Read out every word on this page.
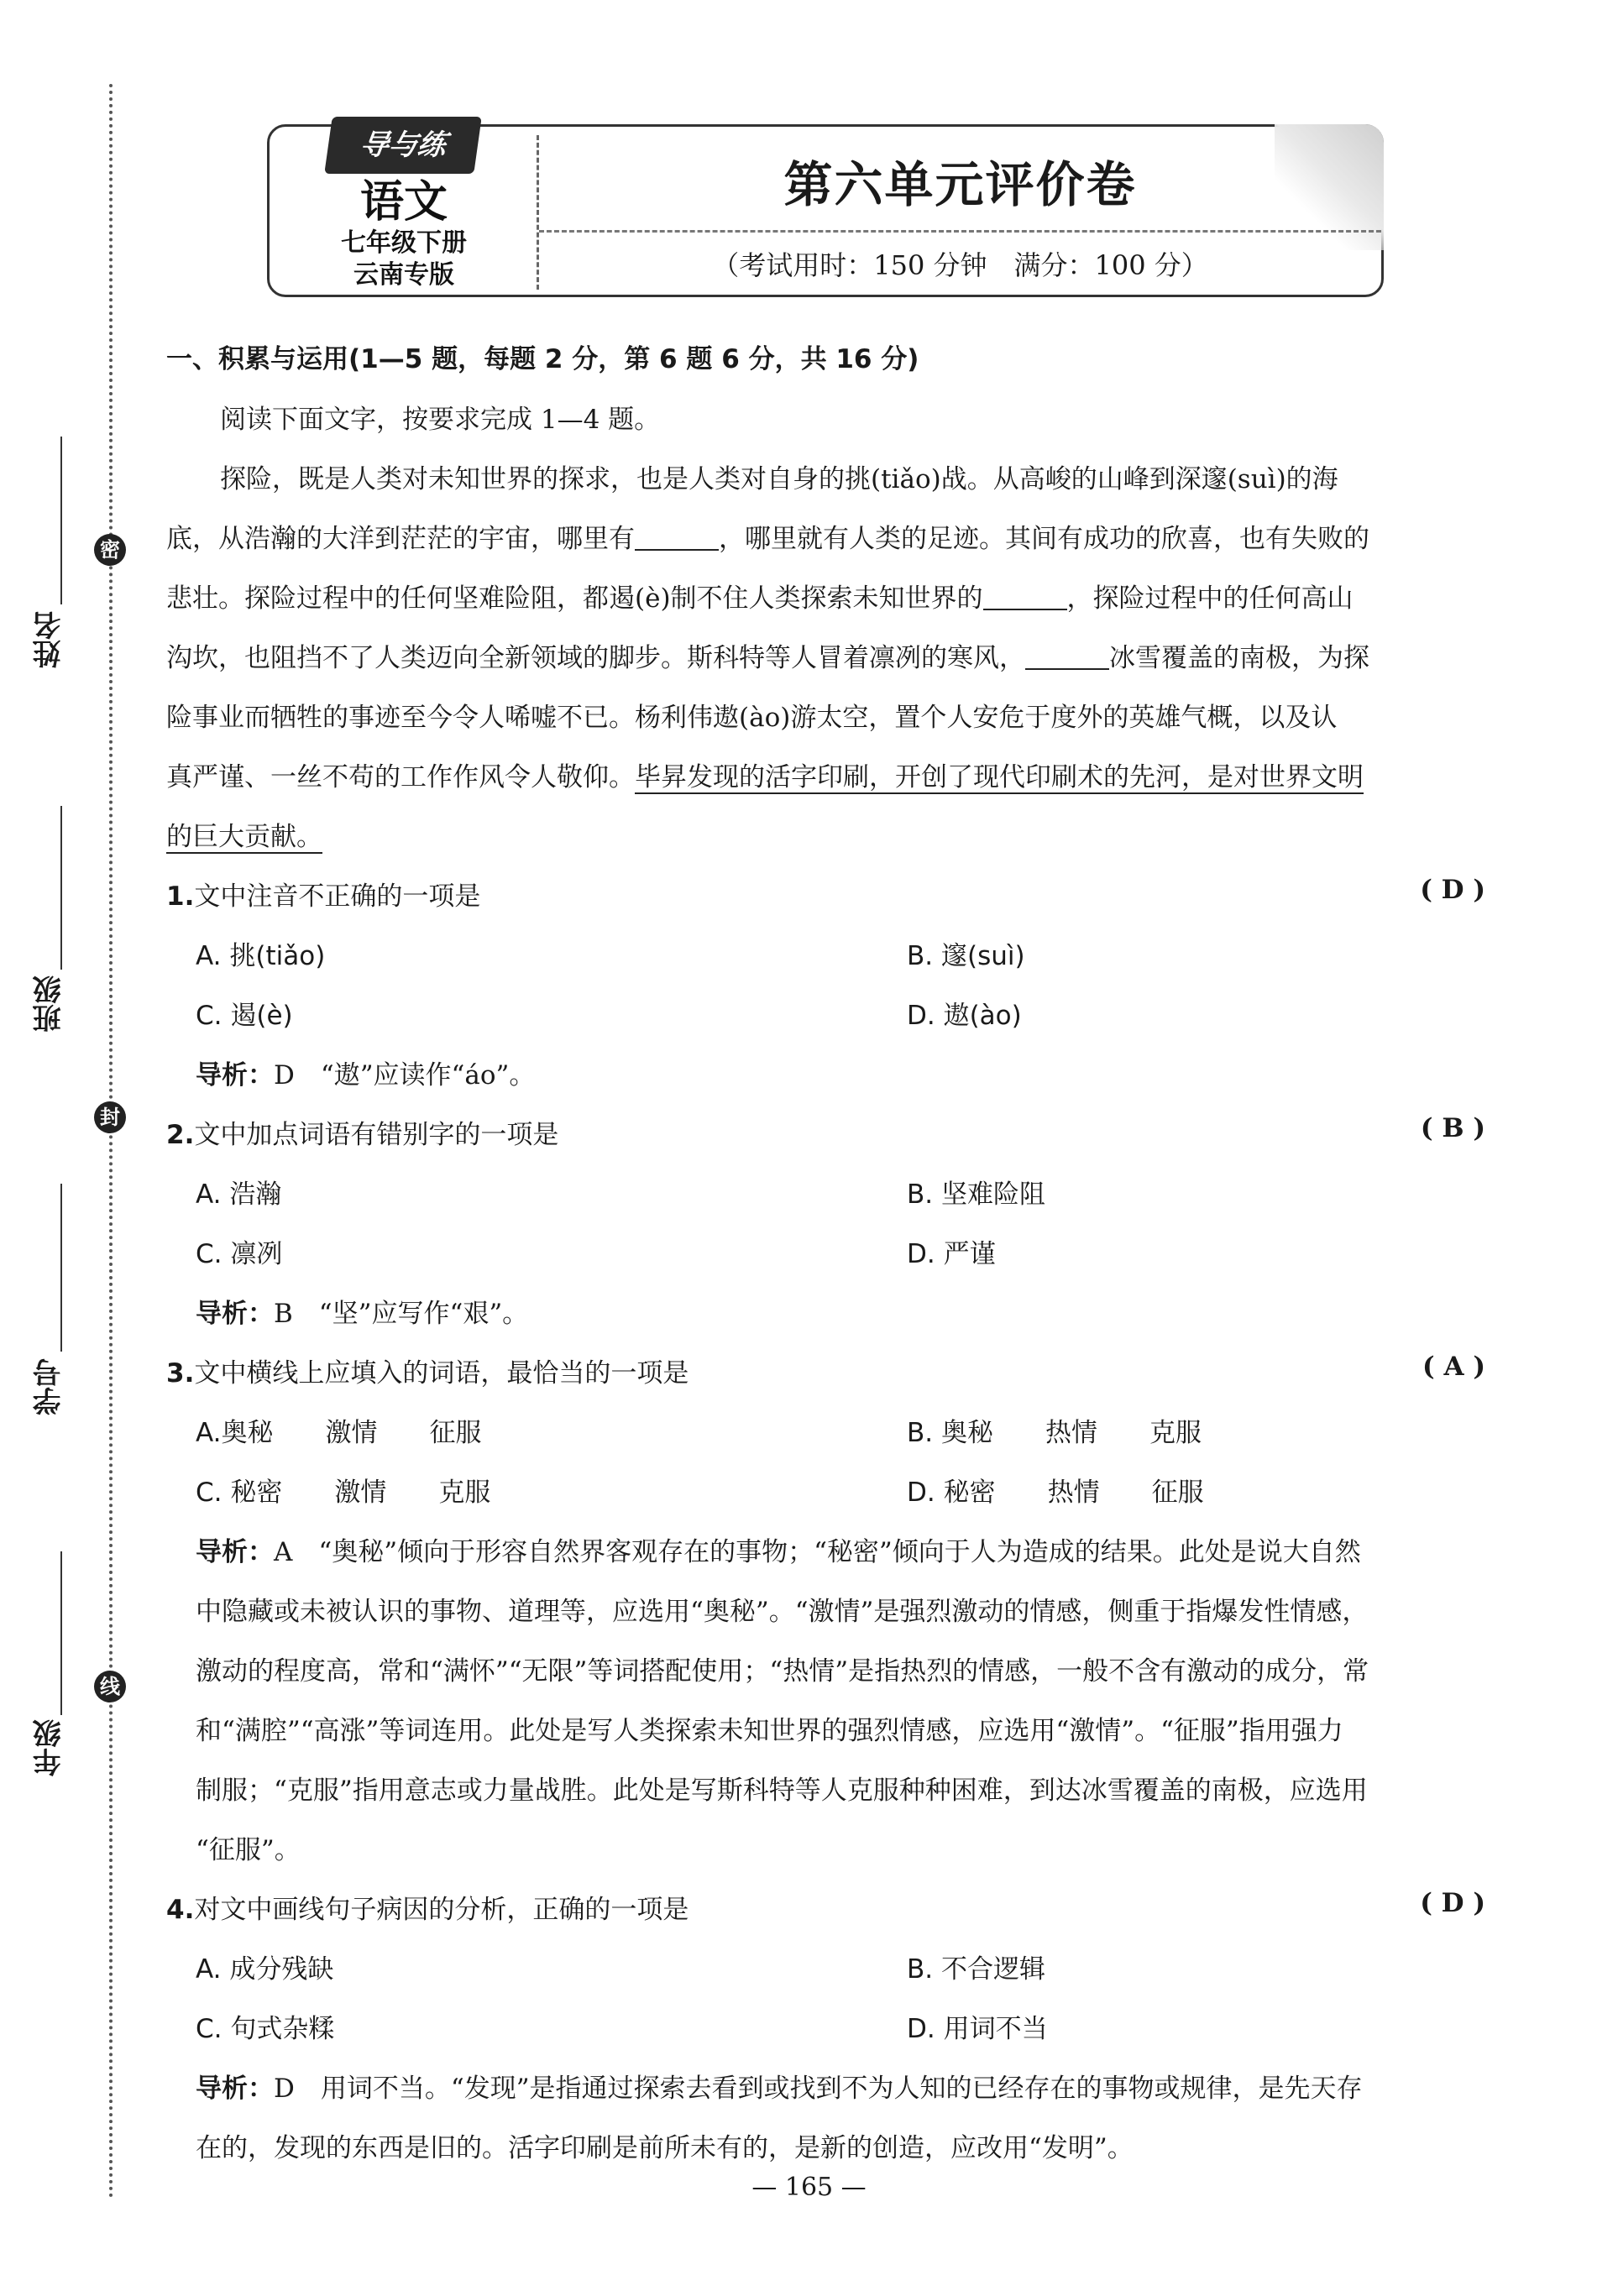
密
封
线
姓名
班级
学号
年级
导与练
语文
七年级下册
云南专版
第六单元评价卷
（考试用时：150 分钟　满分：100 分）
一、积累与运用(1—5 题，每题 2 分，第 6 题 6 分，共 16 分)
阅读下面文字，按要求完成 1—4 题。
探险，既是人类对未知世界的探求，也是人类对自身的挑(tiǎo)战。从高峻的山峰到深邃(suì)的海
底，从浩瀚的大洋到茫茫的宇宙，哪里有	，哪里就有人类的足迹。其间有成功的欣喜，也有失败的
悲壮。探险过程中的任何坚难险阻，都遏(è)制不住人类探索未知世界的	，探险过程中的任何高山
沟坎，也阻挡不了人类迈向全新领域的脚步。斯科特等人冒着凛冽的寒风，	冰雪覆盖的南极，为探
险事业而牺牲的事迹至今令人唏嘘不已。杨利伟遨(ào)游太空，置个人安危于度外的英雄气概，以及认
真严谨、一丝不苟的工作作风令人敬仰。毕昇发现的活字印刷，开创了现代印刷术的先河，是对世界文明
的巨大贡献。
1.文中注音不正确的一项是	( D )
A. 挑(tiǎo)	B. 邃(suì)
C. 遏(è)	D. 遨(ào)
导析：D　“遨”应读作“áo”。
2.文中加点词语有错别字的一项是	( B )
A. 浩瀚	B. 坚难险阻
C. 凛冽	D. 严谨
导析：B　“坚”应写作“艰”。
3.文中横线上应填入的词语，最恰当的一项是	( A )
A.奥秘　　激情　　征服	B. 奥秘　　热情　　克服
C. 秘密　　激情　　克服	D. 秘密　　热情　　征服
导析：A　“奥秘”倾向于形容自然界客观存在的事物；“秘密”倾向于人为造成的结果。此处是说大自然
中隐藏或未被认识的事物、道理等，应选用“奥秘”。“激情”是强烈激动的情感，侧重于指爆发性情感，
激动的程度高，常和“满怀”“无限”等词搭配使用；“热情”是指热烈的情感，一般不含有激动的成分，常
和“满腔”“高涨”等词连用。此处是写人类探索未知世界的强烈情感，应选用“激情”。“征服”指用强力
制服；“克服”指用意志或力量战胜。此处是写斯科特等人克服种种困难，到达冰雪覆盖的南极，应选用
“征服”。
4.对文中画线句子病因的分析，正确的一项是	( D )
A. 成分残缺	B. 不合逻辑
C. 句式杂糅	D. 用词不当
导析：D　用词不当。“发现”是指通过探索去看到或找到不为人知的已经存在的事物或规律，是先天存
在的，发现的东西是旧的。活字印刷是前所未有的，是新的创造，应改用“发明”。
— 165 —
